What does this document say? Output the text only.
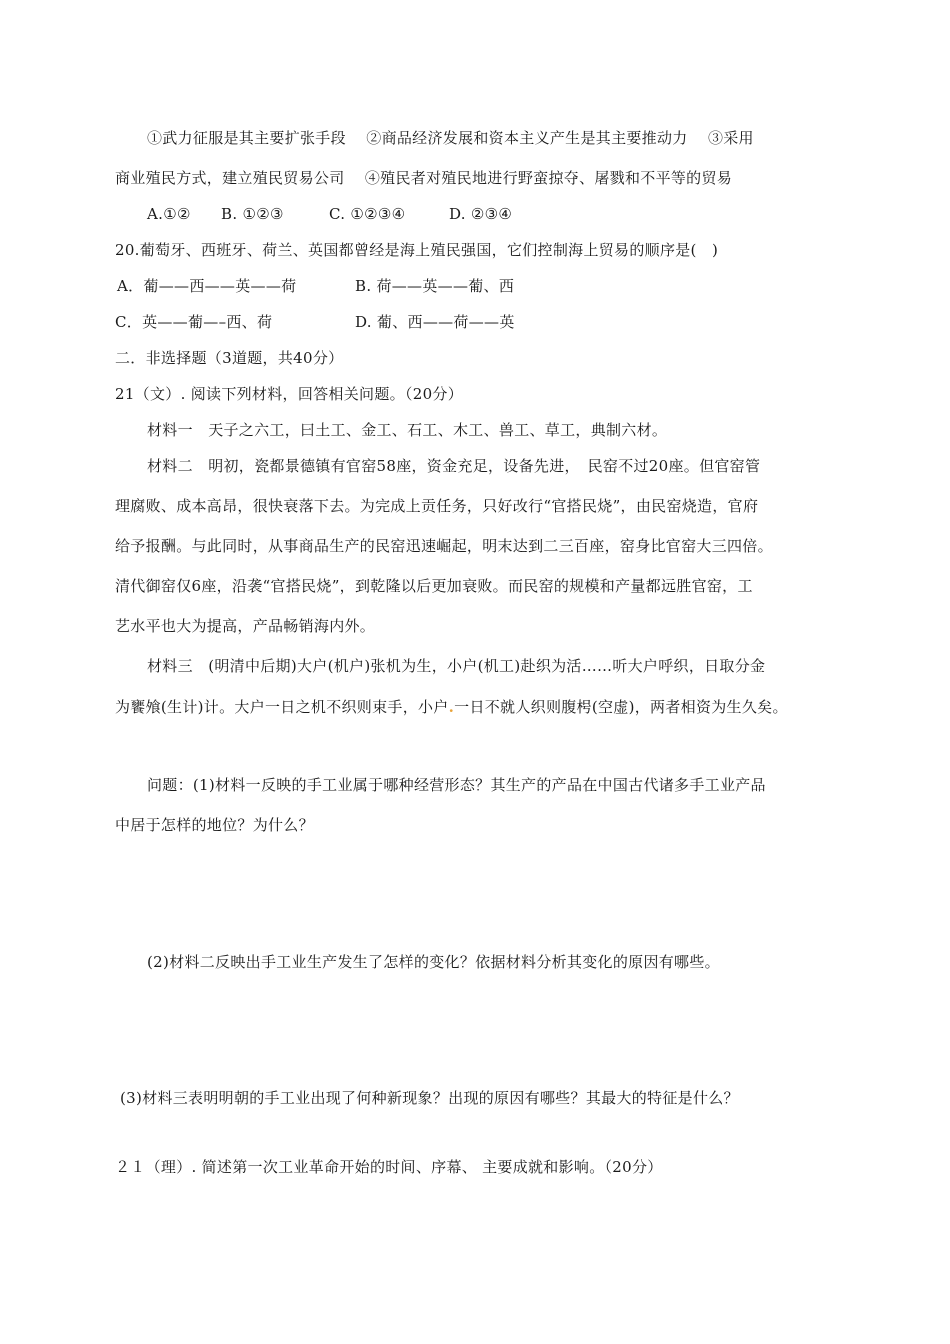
①武力征服是其主要扩张手段　 ②商品经济发展和资本主义产生是其主要推动力　 ③采用

商业殖民方式，建立殖民贸易公司　 ④殖民者对殖民地进行野蛮掠夺、屠戮和不平等的贸易

A.①② B. ①②③	C. ①②③④	D. ②③④

20.葡萄牙、西班牙、荷兰、英国都曾经是海上殖民强国，它们控制海上贸易的顺序是(　)

A．葡——西——英——荷	B. 荷——英——葡、西

C．英——葡—–西、荷	D. 葡、西——荷——英

二．非选择题（3道题，共40分）

21（文）. 阅读下列材料，回答相关问题。（20分）

材料一　天子之六工，曰土工、金工、石工、木工、兽工、草工，典制六材。

材料二　明初，瓷都景德镇有官窑58座，资金充足，设备先进，　民窑不过20座。但官窑管

理腐败、成本高昂，很快衰落下去。为完成上贡任务，只好改行“官搭民烧”，由民窑烧造，官府

给予报酬。与此同时，从事商品生产的民窑迅速崛起，明末达到二三百座，窑身比官窑大三四倍。

清代御窑仅6座，沿袭“官搭民烧”，到乾隆以后更加衰败。而民窑的规模和产量都远胜官窑，工

艺水平也大为提高，产品畅销海内外。

材料三　(明清中后期)大户(机户)张机为生，小户(机工)赴织为活……听大户呼织，日取分金

为饔飧(生计)计。大户一日之机不织则束手，小户.一日不就人织则腹枵(空虚)，两者相资为生久矣。

问题：(1)材料一反映的手工业属于哪种经营形态？其生产的产品在中国古代诸多手工业产品

中居于怎样的地位？为什么？

(2)材料二反映出手工业生产发生了怎样的变化？依据材料分析其变化的原因有哪些。

(3)材料三表明明朝的手工业出现了何种新现象？出现的原因有哪些？其最大的特征是什么？

２１（理）. 简述第一次工业革命开始的时间、序幕、 主要成就和影响。（20分）
